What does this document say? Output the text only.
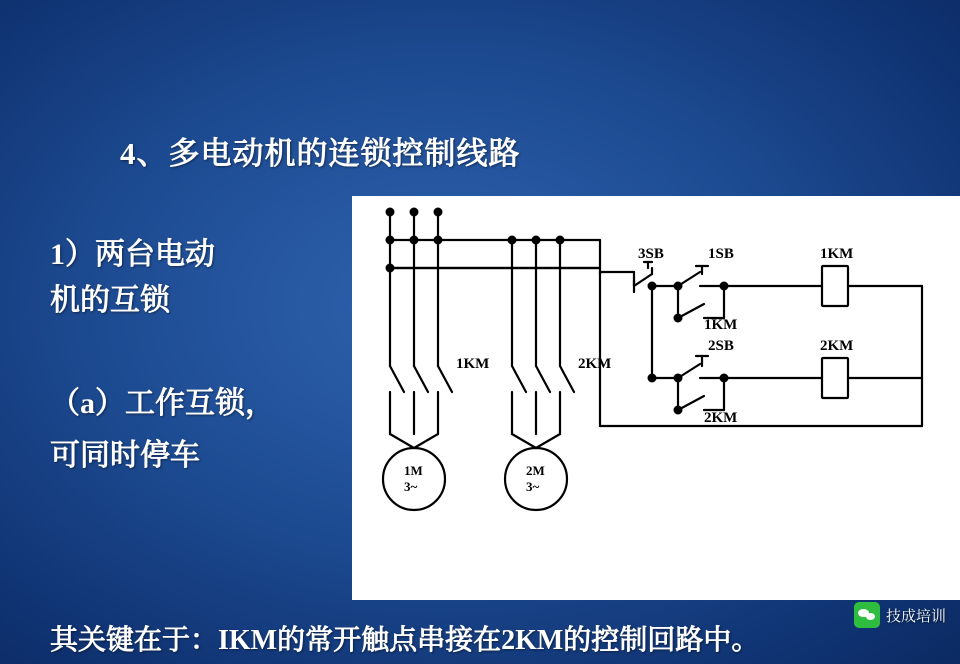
4、多电动机的连锁控制线路
1）两台电动
机的互锁
（a）工作互锁，
可同时停车
1KM	2KM
1M
3~
2M
3~
3SB	1SB
2SB
1KM
2KM
1KM
2KM
其关键在于：IKM的常开触点串接在2KM的控制回路中。
技成培训
